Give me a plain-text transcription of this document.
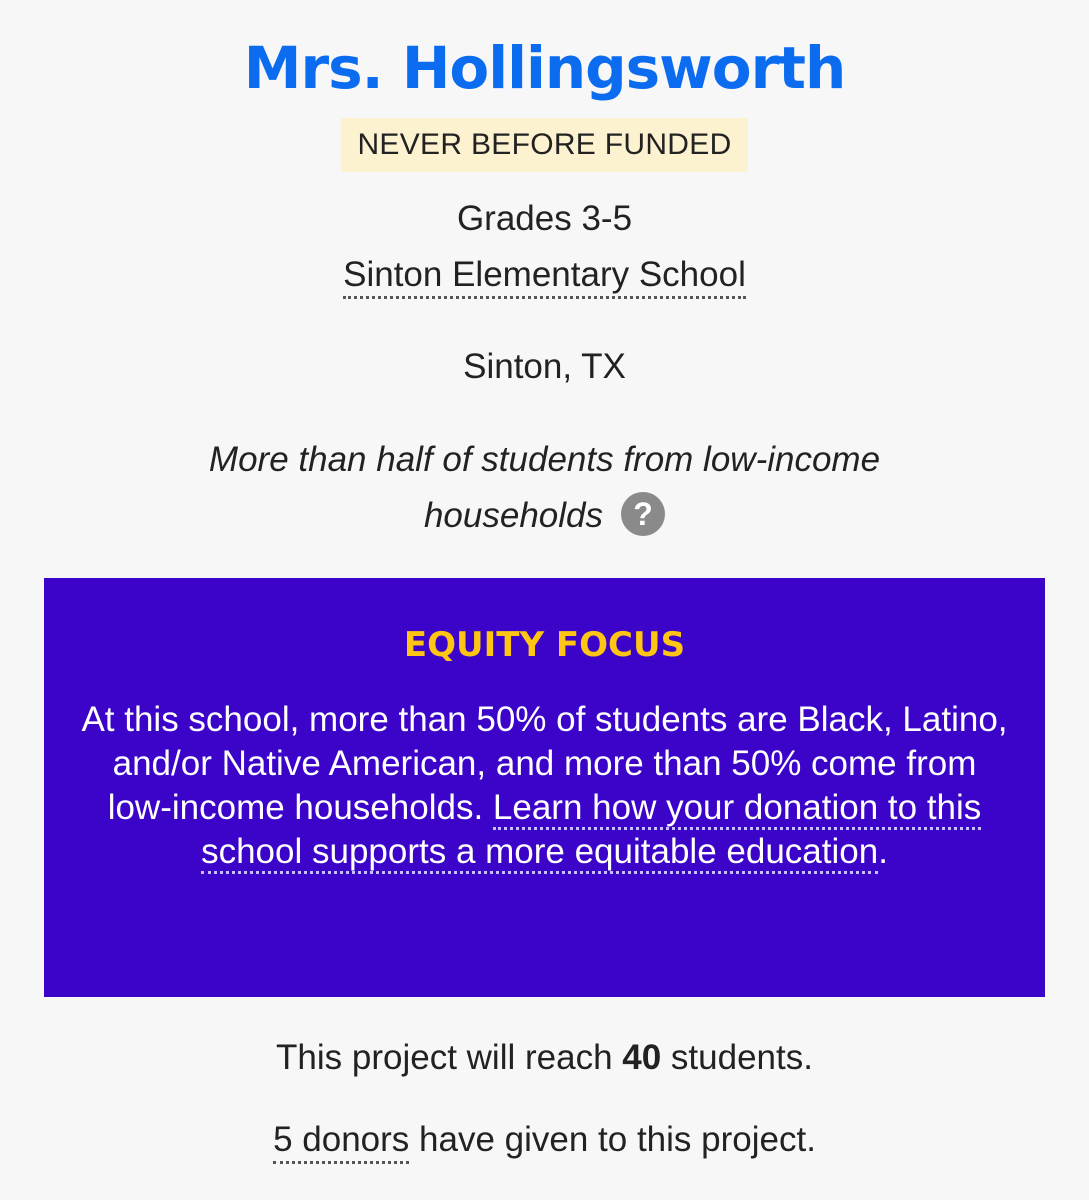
Mrs. Hollingsworth
NEVER BEFORE FUNDED
Grades 3-5
Sinton Elementary School
Sinton, TX
More than half of students from low-income households ?
EQUITY FOCUS
At this school, more than 50% of students are Black, Latino, and/or Native American, and more than 50% come from low-income households. Learn how your donation to this school supports a more equitable education.
This project will reach 40 students.
5 donors have given to this project.
